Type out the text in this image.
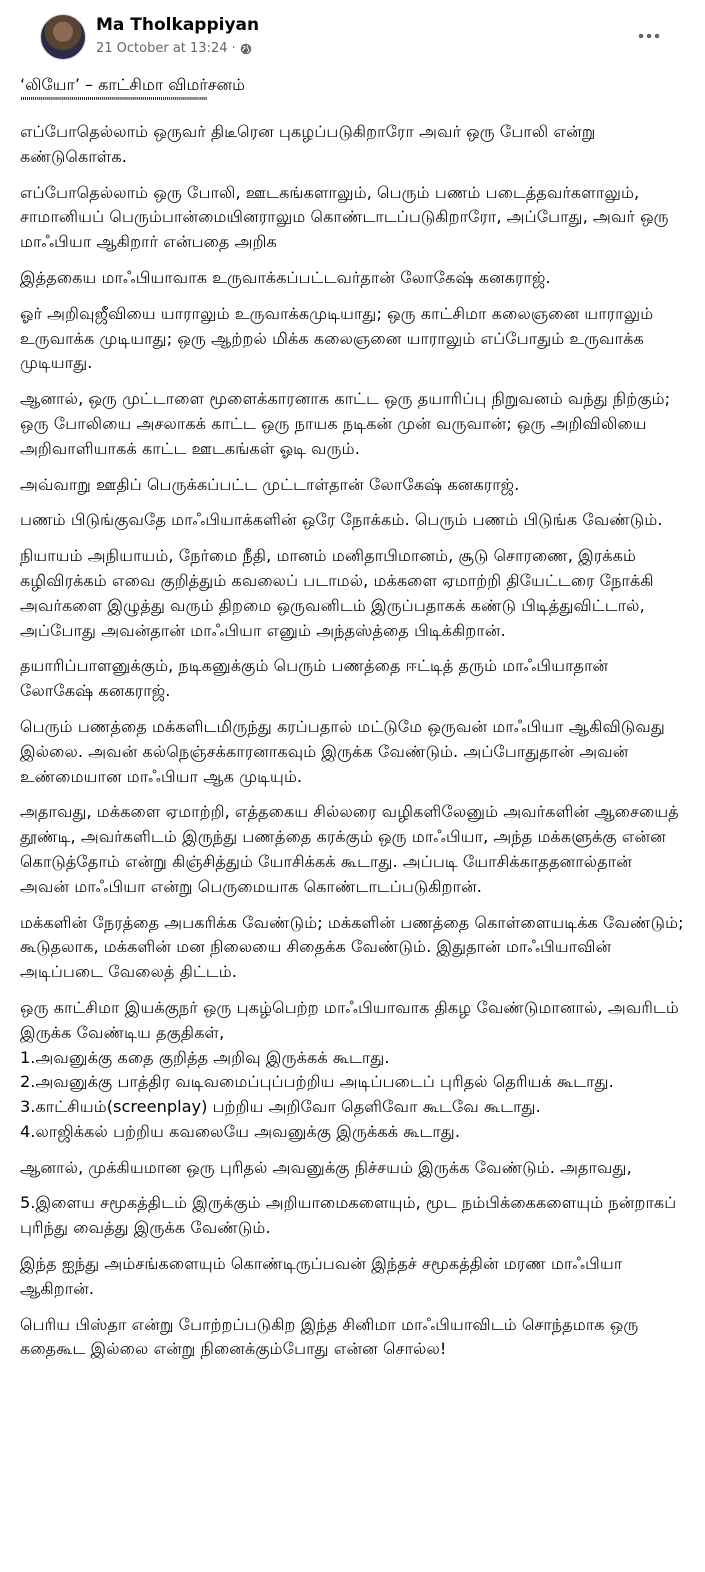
Ma Tholkappiyan
21 October at 13:24 ·
‘லியோ’ – காட்சிமா விமர்சனம்
""""""""""""""""""""""""""""""""""""""""""""""

எப்போதெல்லாம் ஒருவர் திடீரென புகழப்படுகிறாரோ அவர் ஒரு போலி என்று கண்டுகொள்க.

எப்போதெல்லாம் ஒரு போலி, ஊடகங்களாலும், பெரும் பணம் படைத்தவர்களாலும், சாமானியப் பெரும்பான்மையினராலும கொண்டாடப்படுகிறாரோ, அப்போது, அவர் ஒரு மாஃபியா ஆகிறார் என்பதை அறிக

இத்தகைய மாஃபியாவாக உருவாக்கப்பட்டவர்தான் லோகேஷ் கனகராஜ்.

ஓர் அறிவுஜீவியை யாராலும் உருவாக்கமுடியாது; ஒரு காட்சிமா கலைஞனை யாராலும் உருவாக்க முடியாது; ஒரு ஆற்றல் மிக்க கலைஞனை யாராலும் எப்போதும் உருவாக்க முடியாது.

ஆனால், ஒரு முட்டாளை மூளைக்காரனாக காட்ட ஒரு தயாரிப்பு நிறுவனம் வந்து நிற்கும்; ஒரு போலியை அசலாகக் காட்ட ஒரு நாயக நடிகன் முன் வருவான்; ஒரு அறிவிலியை அறிவாளியாகக் காட்ட ஊடகங்கள் ஓடி வரும்.

அவ்வாறு ஊதிப் பெருக்கப்பட்ட முட்டாள்தான் லோகேஷ் கனகராஜ்.

பணம் பிடுங்குவதே மாஃபியாக்களின் ஒரே நோக்கம். பெரும் பணம் பிடுங்க வேண்டும்.

நியாயம் அநியாயம், நேர்மை நீதி, மானம் மனிதாபிமானம், சூடு சொரணை, இரக்கம் கழிவிரக்கம் எவை குறித்தும் கவலைப் படாமல், மக்களை ஏமாற்றி தியேட்டரை நோக்கி அவர்களை இழுத்து வரும் திறமை ஒருவனிடம் இருப்பதாகக் கண்டு பிடித்துவிட்டால், அப்போது அவன்தான் மாஃபியா எனும் அந்தஸ்த்தை பிடிக்கிறான்.

தயாரிப்பாளனுக்கும், நடிகனுக்கும் பெரும் பணத்தை ஈட்டித் தரும் மாஃபியாதான் லோகேஷ் கனகராஜ்.

பெரும் பணத்தை மக்களிடமிருந்து கரப்பதால் மட்டுமே ஒருவன் மாஃபியா ஆகிவிடுவது இல்லை. அவன் கல்நெஞ்சக்காரனாகவும் இருக்க வேண்டும். அப்போதுதான் அவன் உண்மையான மாஃபியா ஆக முடியும்.

அதாவது, மக்களை ஏமாற்றி, எத்தகைய சில்லரை வழிகளிலேனும் அவர்களின் ஆசையைத் தூண்டி, அவர்களிடம் இருந்து பணத்தை கரக்கும் ஒரு மாஃபியா, அந்த மக்களுக்கு என்ன கொடுத்தோம் என்று கிஞ்சித்தும் யோசிக்கக் கூடாது. அப்படி யோசிக்காததனால்தான் அவன் மாஃபியா என்று பெருமையாக கொண்டாடப்படுகிறான்.

மக்களின் நேரத்தை அபகரிக்க வேண்டும்; மக்களின் பணத்தை கொள்ளையடிக்க வேண்டும்; கூடுதலாக, மக்களின் மன நிலையை சிதைக்க வேண்டும். இதுதான் மாஃபியாவின் அடிப்படை வேலைத் திட்டம்.

ஒரு காட்சிமா இயக்குநர் ஒரு புகழ்பெற்ற மாஃபியாவாக திகழ வேண்டுமானால், அவரிடம் இருக்க வேண்டிய தகுதிகள்,
1.அவனுக்கு கதை குறித்த அறிவு இருக்கக் கூடாது.
2.அவனுக்கு பாத்திர வடிவமைப்புப்பற்றிய அடிப்படைப் புரிதல் தெரியக் கூடாது.
3.காட்சியம்(screenplay) பற்றிய அறிவோ தெளிவோ கூடவே கூடாது.
4.லாஜிக்கல் பற்றிய கவலையே அவனுக்கு இருக்கக் கூடாது.

ஆனால், முக்கியமான ஒரு புரிதல் அவனுக்கு நிச்சயம் இருக்க வேண்டும். அதாவது,

5.இளைய சமூகத்திடம் இருக்கும் அறியாமைகளையும், மூட நம்பிக்கைகளையும் நன்றாகப் புரிந்து வைத்து இருக்க வேண்டும்.

இந்த ஐந்து அம்சங்களையும் கொண்டிருப்பவன் இந்தச் சமூகத்தின் மரண மாஃபியா ஆகிறான்.

பெரிய பிஸ்தா என்று போற்றப்படுகிற இந்த சினிமா மாஃபியாவிடம் சொந்தமாக ஒரு கதைகூட இல்லை என்று நினைக்கும்போது என்ன சொல்ல!
